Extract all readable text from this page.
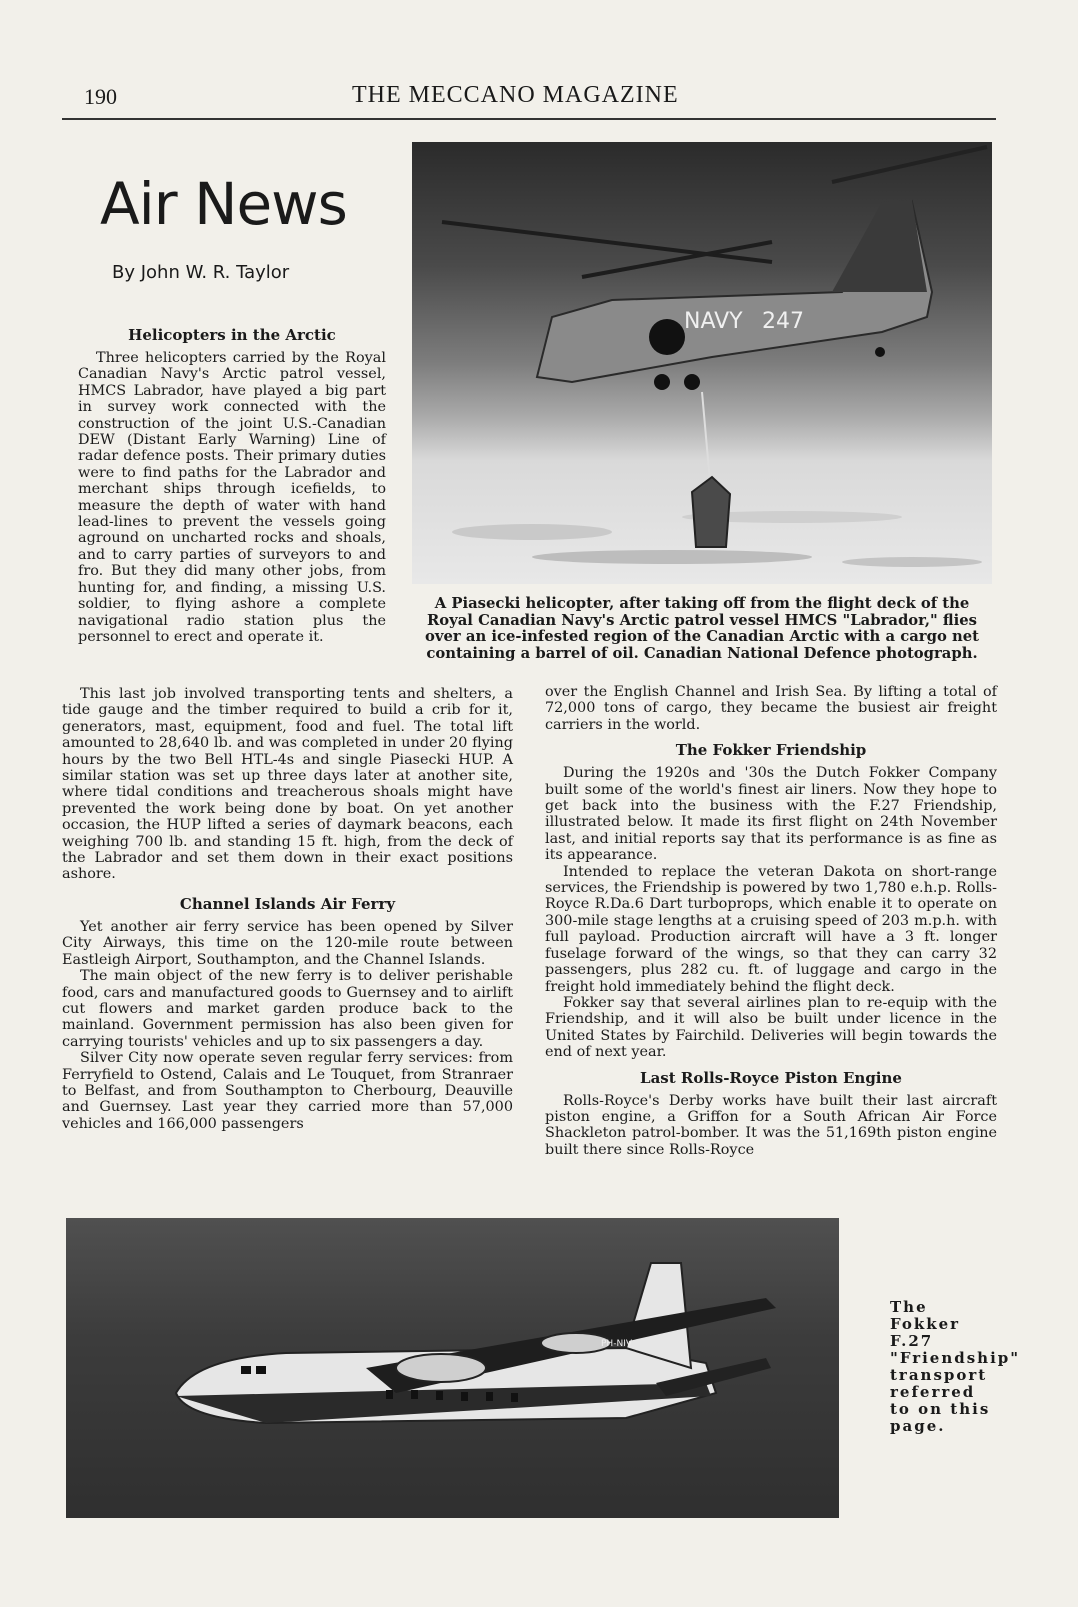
190	THE MECCANO MAGAZINE
Air News
By John W. R. Taylor
NAVY 247

A Piasecki helicopter, after taking off from the flight deck of the Royal Canadian Navy's Arctic patrol vessel HMCS "Labrador," flies over an ice-infested region of the Canadian Arctic with a cargo net containing a barrel of oil. Canadian National Defence photograph.

Helicopters in the Arctic

Three helicopters carried by the Royal Canadian Navy's Arctic patrol vessel, HMCS Labrador, have played a big part in survey work connected with the construction of the joint U.S.-Canadian DEW (Distant Early Warning) Line of radar defence posts. Their primary duties were to find paths for the Labrador and merchant ships through icefields, to measure the depth of water with hand lead-lines to prevent the vessels going aground on uncharted rocks and shoals, and to carry parties of surveyors to and fro. But they did many other jobs, from hunting for, and finding, a missing U.S. soldier, to flying ashore a complete navigational radio station plus the personnel to erect and operate it.

This last job involved transporting tents and shelters, a tide gauge and the timber required to build a crib for it, generators, mast, equipment, food and fuel. The total lift amounted to 28,640 lb. and was completed in under 20 flying hours by the two Bell HTL-4s and single Piasecki HUP. A similar station was set up three days later at another site, where tidal conditions and treacherous shoals might have prevented the work being done by boat. On yet another occasion, the HUP lifted a series of daymark beacons, each weighing 700 lb. and standing 15 ft. high, from the deck of the Labrador and set them down in their exact positions ashore.

Channel Islands Air Ferry

Yet another air ferry service has been opened by Silver City Airways, this time on the 120-mile route between Eastleigh Airport, Southampton, and the Channel Islands.

The main object of the new ferry is to deliver perishable food, cars and manufactured goods to Guernsey and to airlift cut flowers and market garden produce back to the mainland. Government permission has also been given for carrying tourists' vehicles and up to six passengers a day.

Silver City now operate seven regular ferry services: from Ferryfield to Ostend, Calais and Le Touquet, from Stranraer to Belfast, and from Southampton to Cherbourg, Deauville and Guernsey. Last year they carried more than 57,000 vehicles and 166,000 passengers

over the English Channel and Irish Sea. By lifting a total of 72,000 tons of cargo, they became the busiest air freight carriers in the world.

The Fokker Friendship

During the 1920s and '30s the Dutch Fokker Company built some of the world's finest air liners. Now they hope to get back into the business with the F.27 Friendship, illustrated below. It made its first flight on 24th November last, and initial reports say that its performance is as fine as its appearance.

Intended to replace the veteran Dakota on short-range services, the Friendship is powered by two 1,780 e.h.p. Rolls-Royce R.Da.6 Dart turboprops, which enable it to operate on 300-mile stage lengths at a cruising speed of 203 m.p.h. with full payload. Production aircraft will have a 3 ft. longer fuselage forward of the wings, so that they can carry 32 passengers, plus 282 cu. ft. of luggage and cargo in the freight hold immediately behind the flight deck.

Fokker say that several airlines plan to re-equip with the Friendship, and it will also be built under licence in the United States by Fairchild. Deliveries will begin towards the end of next year.

Last Rolls-Royce Piston Engine

Rolls-Royce's Derby works have built their last aircraft piston engine, a Griffon for a South African Air Force Shackleton patrol-bomber. It was the 51,169th piston engine built there since Rolls-Royce

PH-NIV

The Fokker F.27 "Friendship" transport referred to on this page.
